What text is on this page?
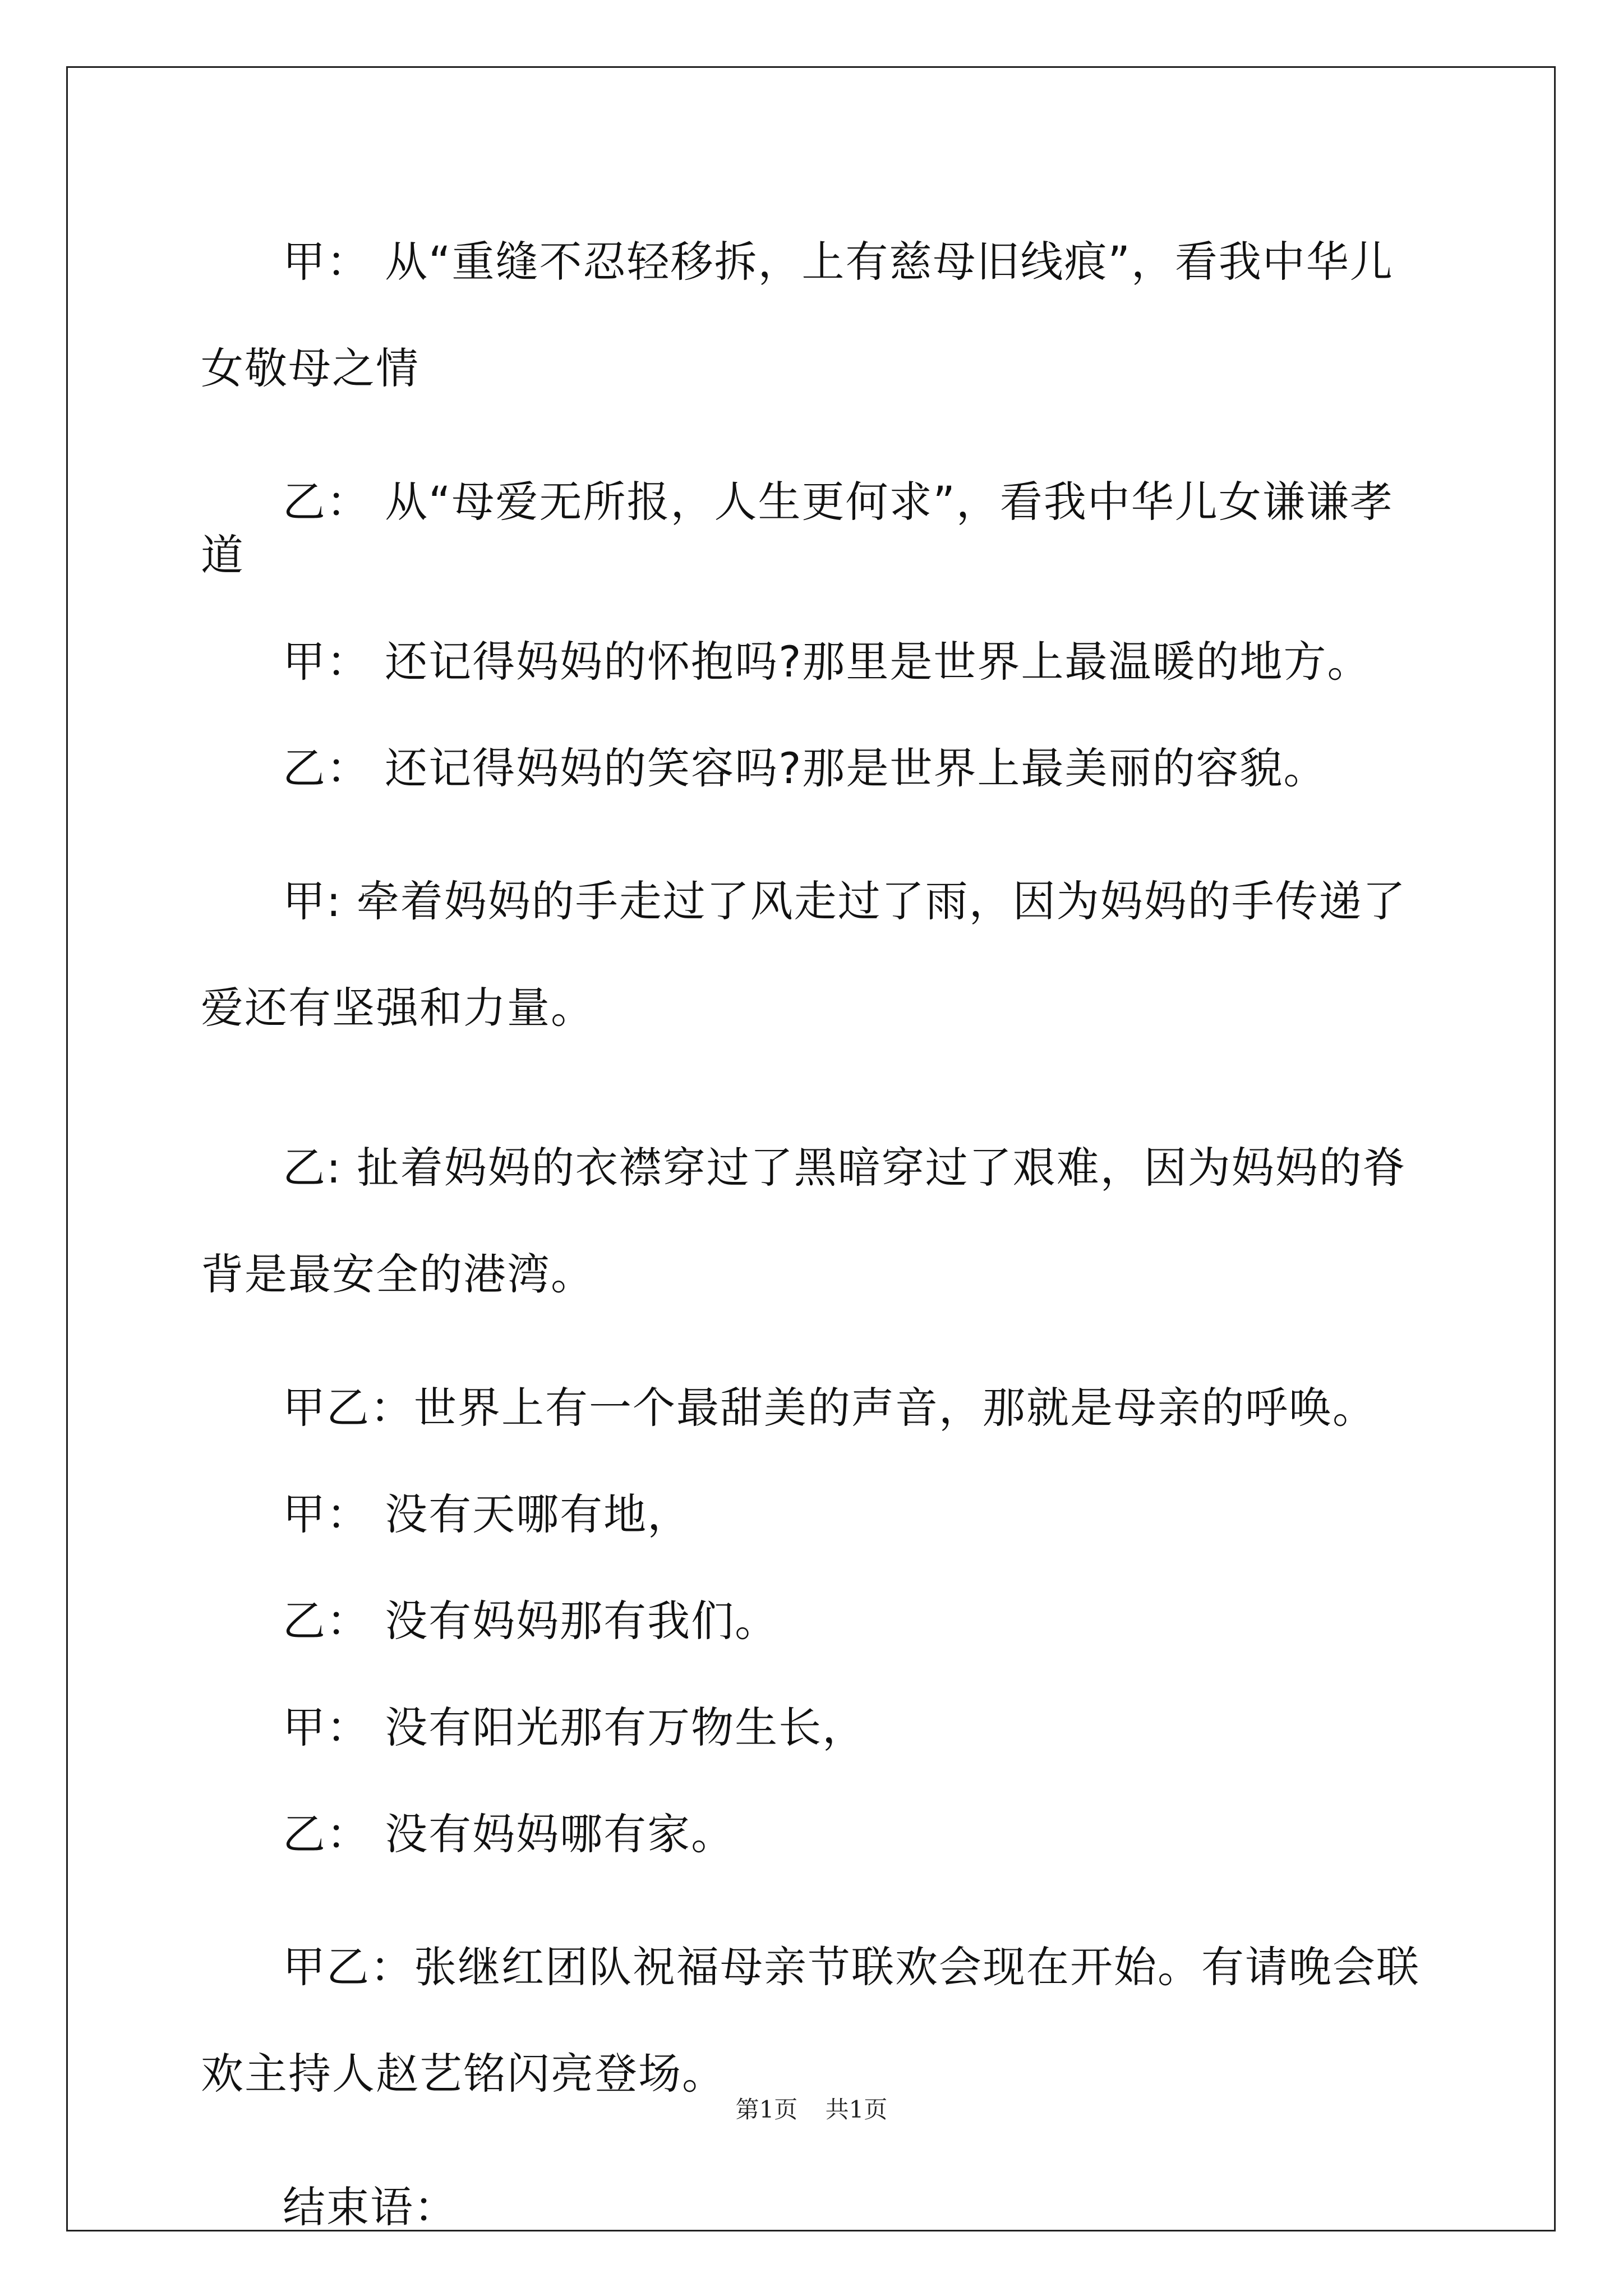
甲： 从“重缝不忍轻移拆，上有慈母旧线痕”，看我中华儿女敬母之情

乙： 从“母爱无所报，人生更何求”，看我中华儿女谦谦孝道

甲： 还记得妈妈的怀抱吗?那里是世界上最温暖的地方。

乙： 还记得妈妈的笑容吗?那是世界上最美丽的容貌。

甲: 牵着妈妈的手走过了风走过了雨，因为妈妈的手传递了爱还有坚强和力量。

乙: 扯着妈妈的衣襟穿过了黑暗穿过了艰难，因为妈妈的脊背是最安全的港湾。

甲乙：世界上有一个最甜美的声音，那就是母亲的呼唤。

甲： 没有天哪有地，

乙： 没有妈妈那有我们。

甲： 没有阳光那有万物生长，

乙： 没有妈妈哪有家。

甲乙：张继红团队祝福母亲节联欢会现在开始。有请晚会联欢主持人赵艺铭闪亮登场。

结束语：

第1页 共1页
